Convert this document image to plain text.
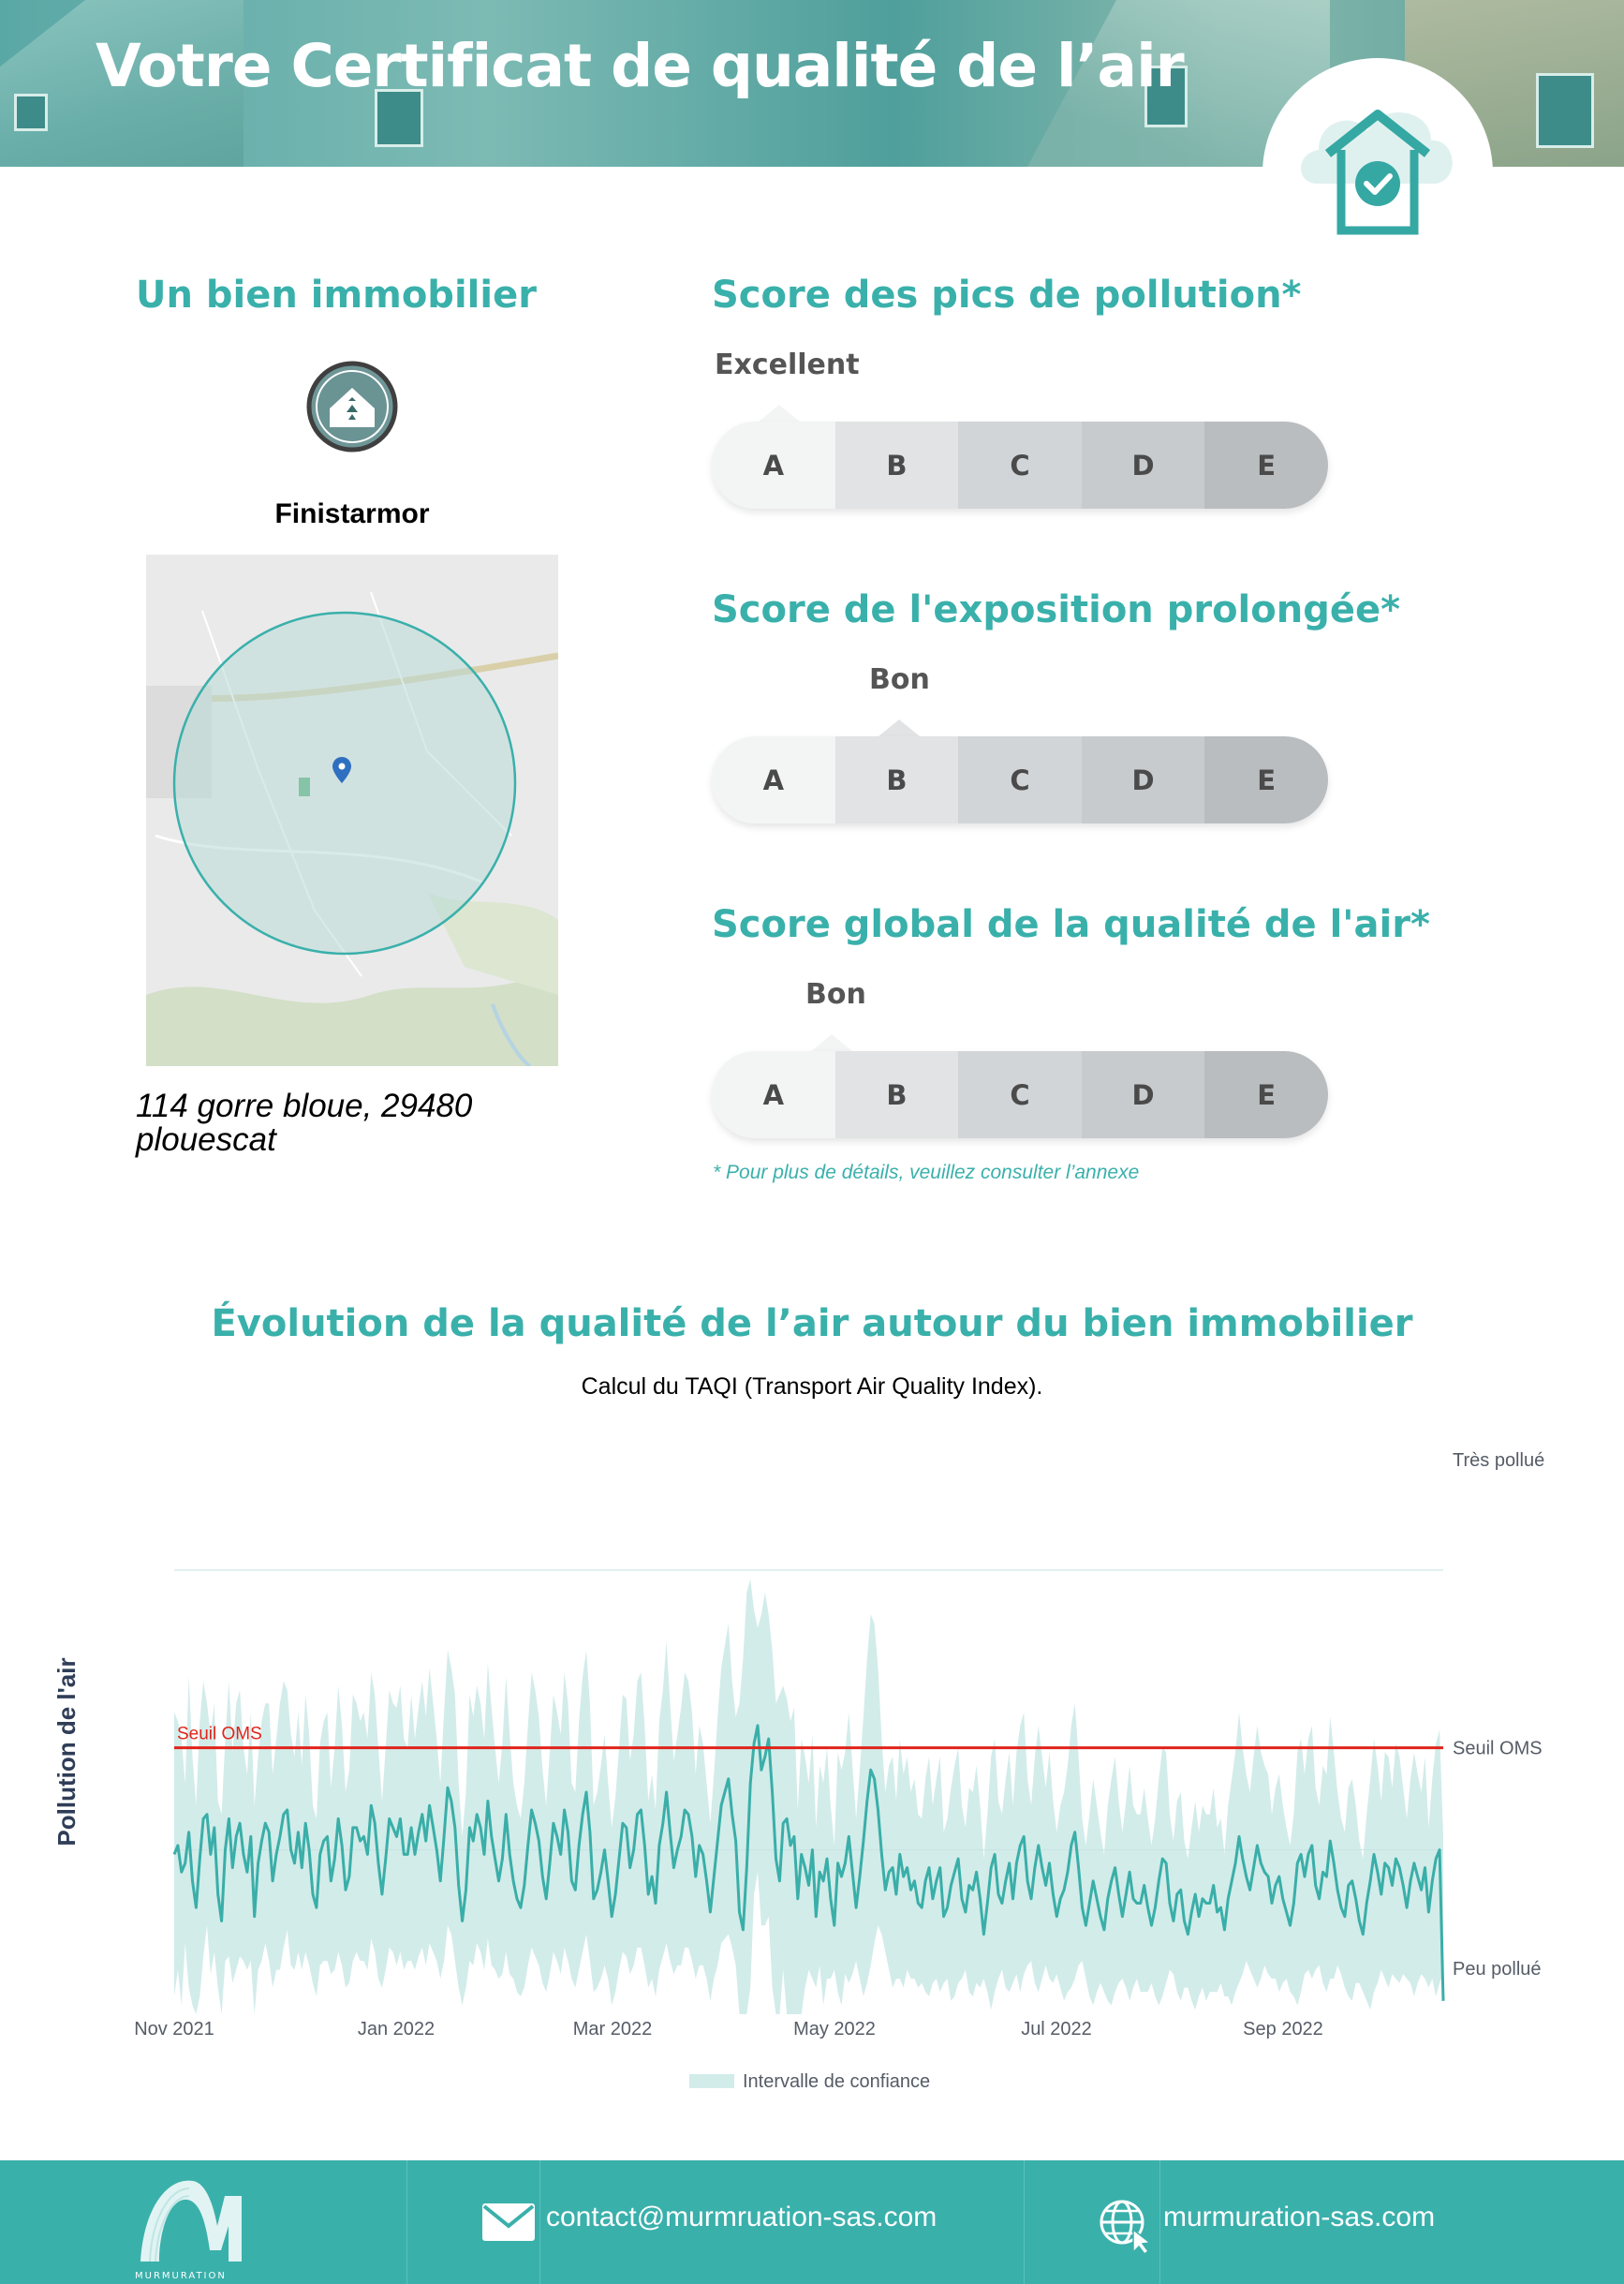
Votre Certificat de qualité de l’air
Un bien immobilier
Finistarmor
114 gorre bloue, 29480 plouescat
Score des pics de pollution*
Excellent
A	B	C	D	E
Score de l'exposition prolongée*
Bon
A	B	C	D	E
Score global de la qualité de l'air*
Bon
A	B	C	D	E
* Pour plus de détails, veuillez consulter l’annexe
Évolution de la qualité de l’air autour du bien immobilier
Calcul du TAQI (Transport Air Quality Index).
Seuil OMS
Très pollué
Seuil OMS
Peu pollué
Pollution de l'air
Nov 2021	Jan 2022	Mar 2022	May 2022	Jul 2022	Sep 2022
Intervalle de confiance
MURMURATION
contact@murmruation-sas.com	murmuration-sas.com
